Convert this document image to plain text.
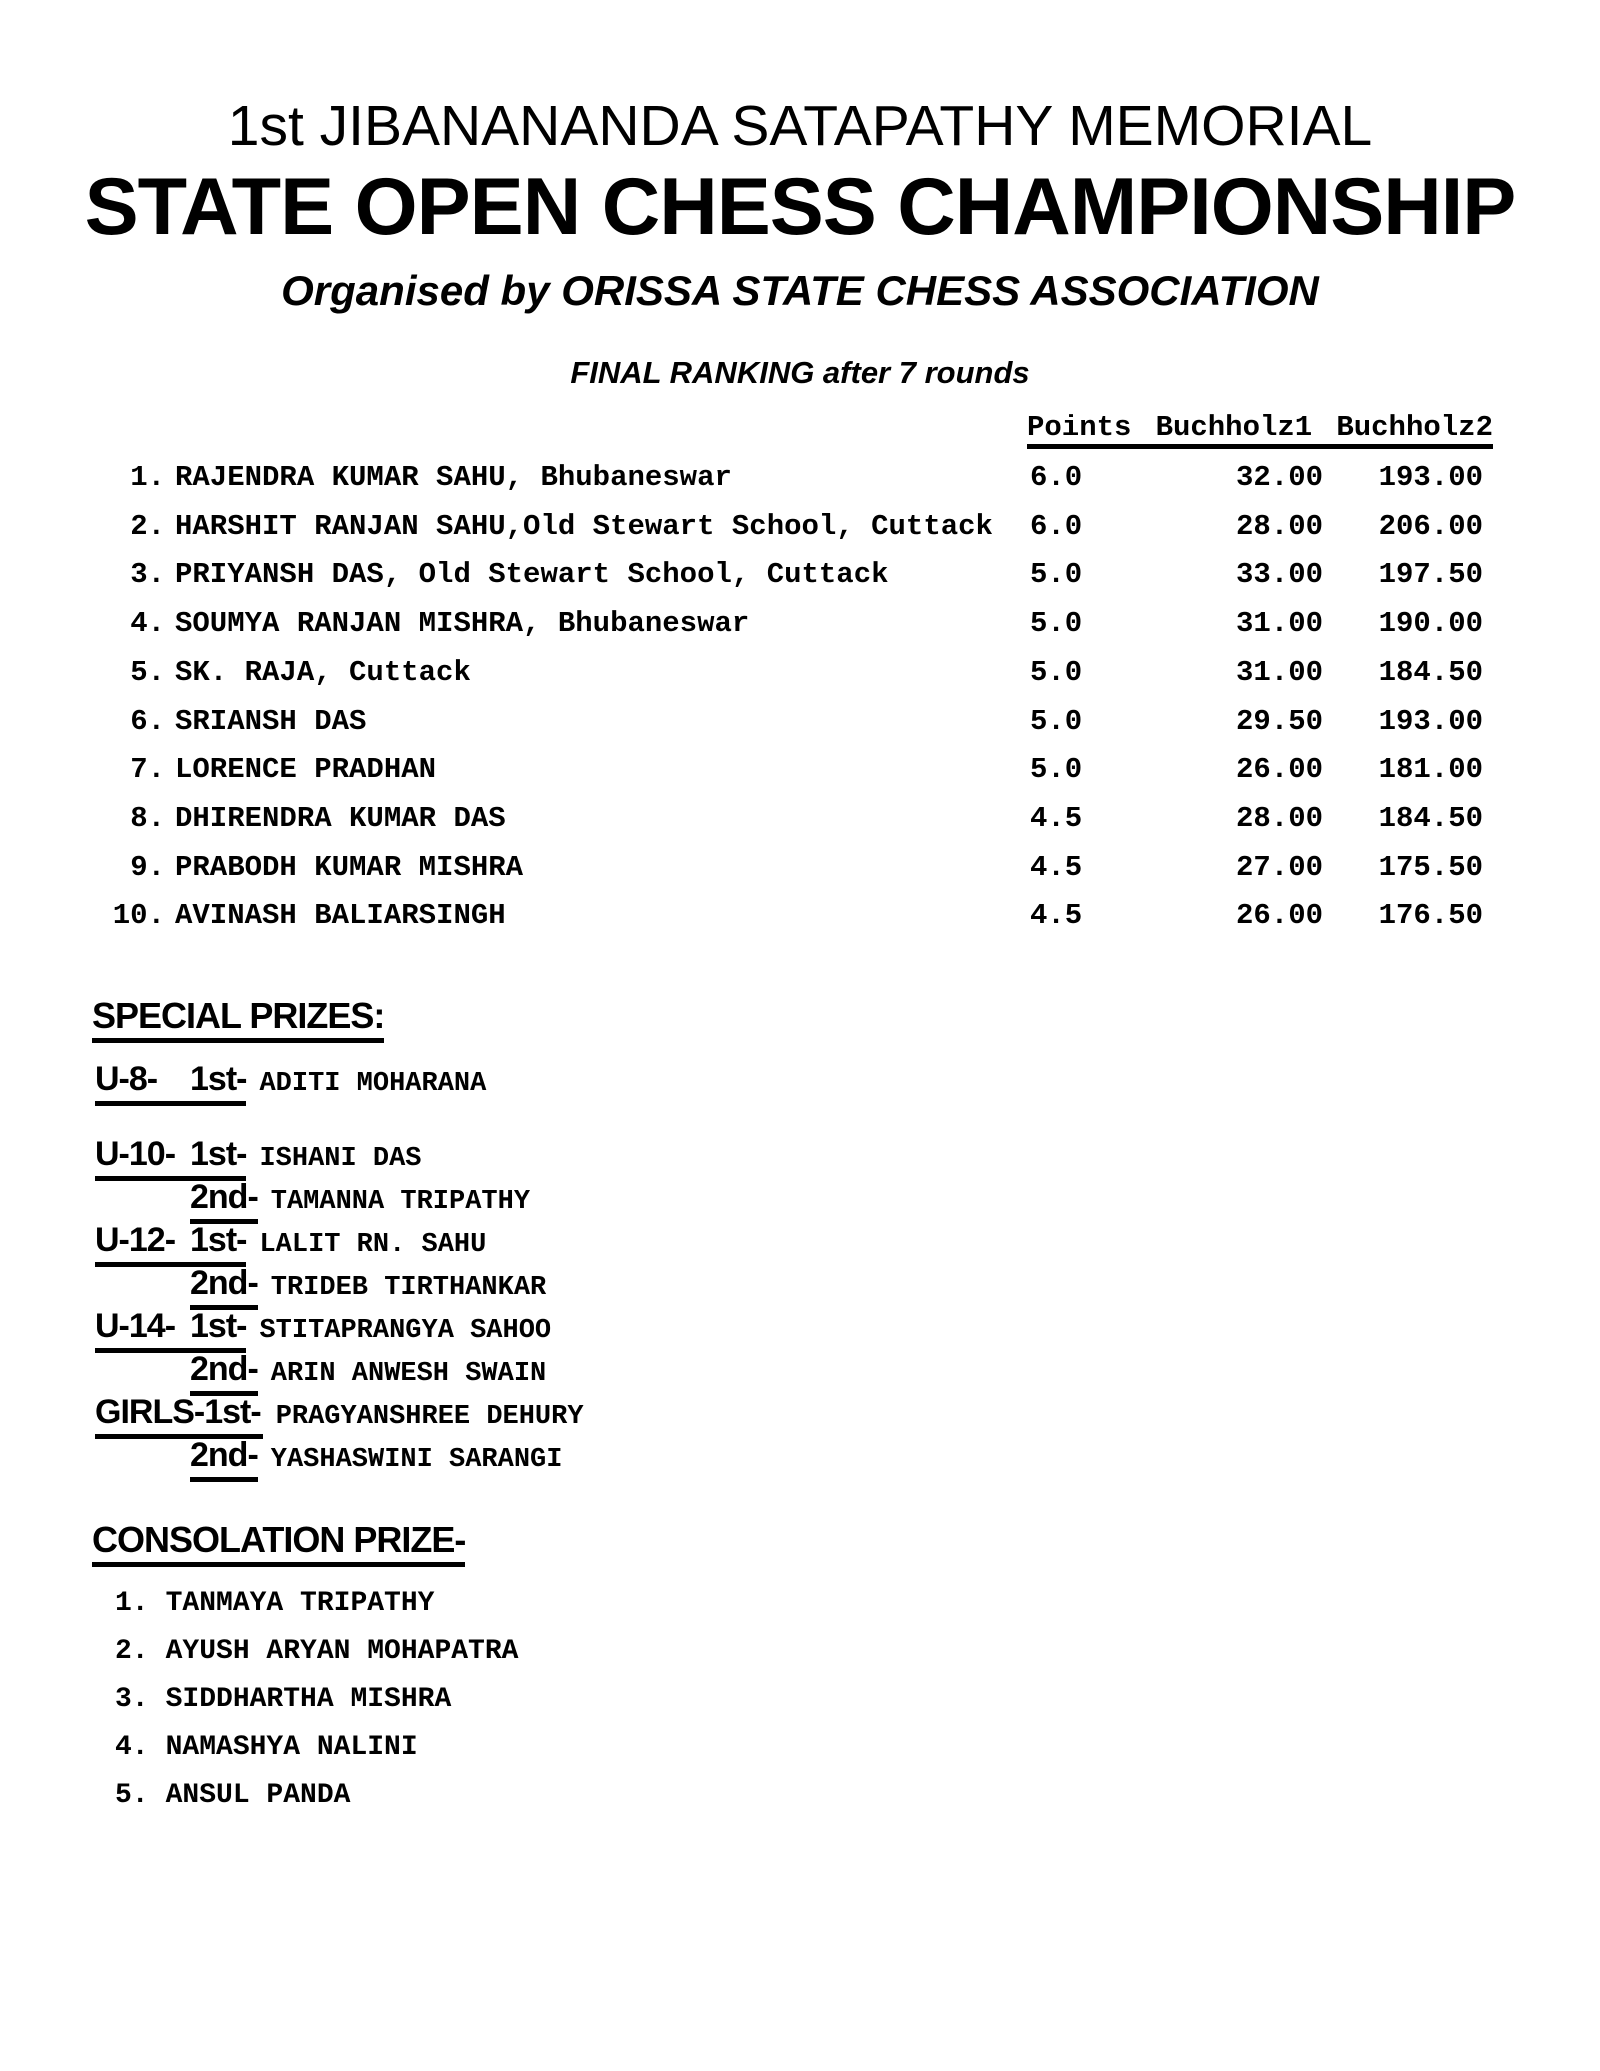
1st JIBANANANDA SATAPATHY MEMORIAL
STATE OPEN CHESS CHAMPIONSHIP
Organised by ORISSA STATE CHESS ASSOCIATION
FINAL RANKING after 7 rounds
Points Buchholz1 Buchholz2
1. RAJENDRA KUMAR SAHU, Bhubaneswar	6.0	32.00	193.00
2. HARSHIT RANJAN SAHU,Old Stewart School, Cuttack	6.0	28.00	206.00
3. PRIYANSH DAS, Old Stewart School, Cuttack	5.0	33.00	197.50
4. SOUMYA RANJAN MISHRA, Bhubaneswar	5.0	31.00	190.00
5. SK. RAJA, Cuttack	5.0	31.00	184.50
6. SRIANSH DAS	5.0	29.50	193.00
7. LORENCE PRADHAN	5.0	26.00	181.00
8. DHIRENDRA KUMAR DAS	4.5	28.00	184.50
9. PRABODH KUMAR MISHRA	4.5	27.00	175.50
10. AVINASH BALIARSINGH	4.5	26.00	176.50
SPECIAL PRIZES:
U-8- 1st- ADITI MOHARANA
U-10- 1st- ISHANI DAS
2nd- TAMANNA TRIPATHY
U-12- 1st- LALIT RN. SAHU
2nd- TRIDEB TIRTHANKAR
U-14- 1st- STITAPRANGYA SAHOO
2nd- ARIN ANWESH SWAIN
GIRLS-1st- PRAGYANSHREE DEHURY
2nd- YASHASWINI SARANGI
CONSOLATION PRIZE-
1. TANMAYA TRIPATHY
2. AYUSH ARYAN MOHAPATRA
3. SIDDHARTHA MISHRA
4. NAMASHYA NALINI
5. ANSUL PANDA
